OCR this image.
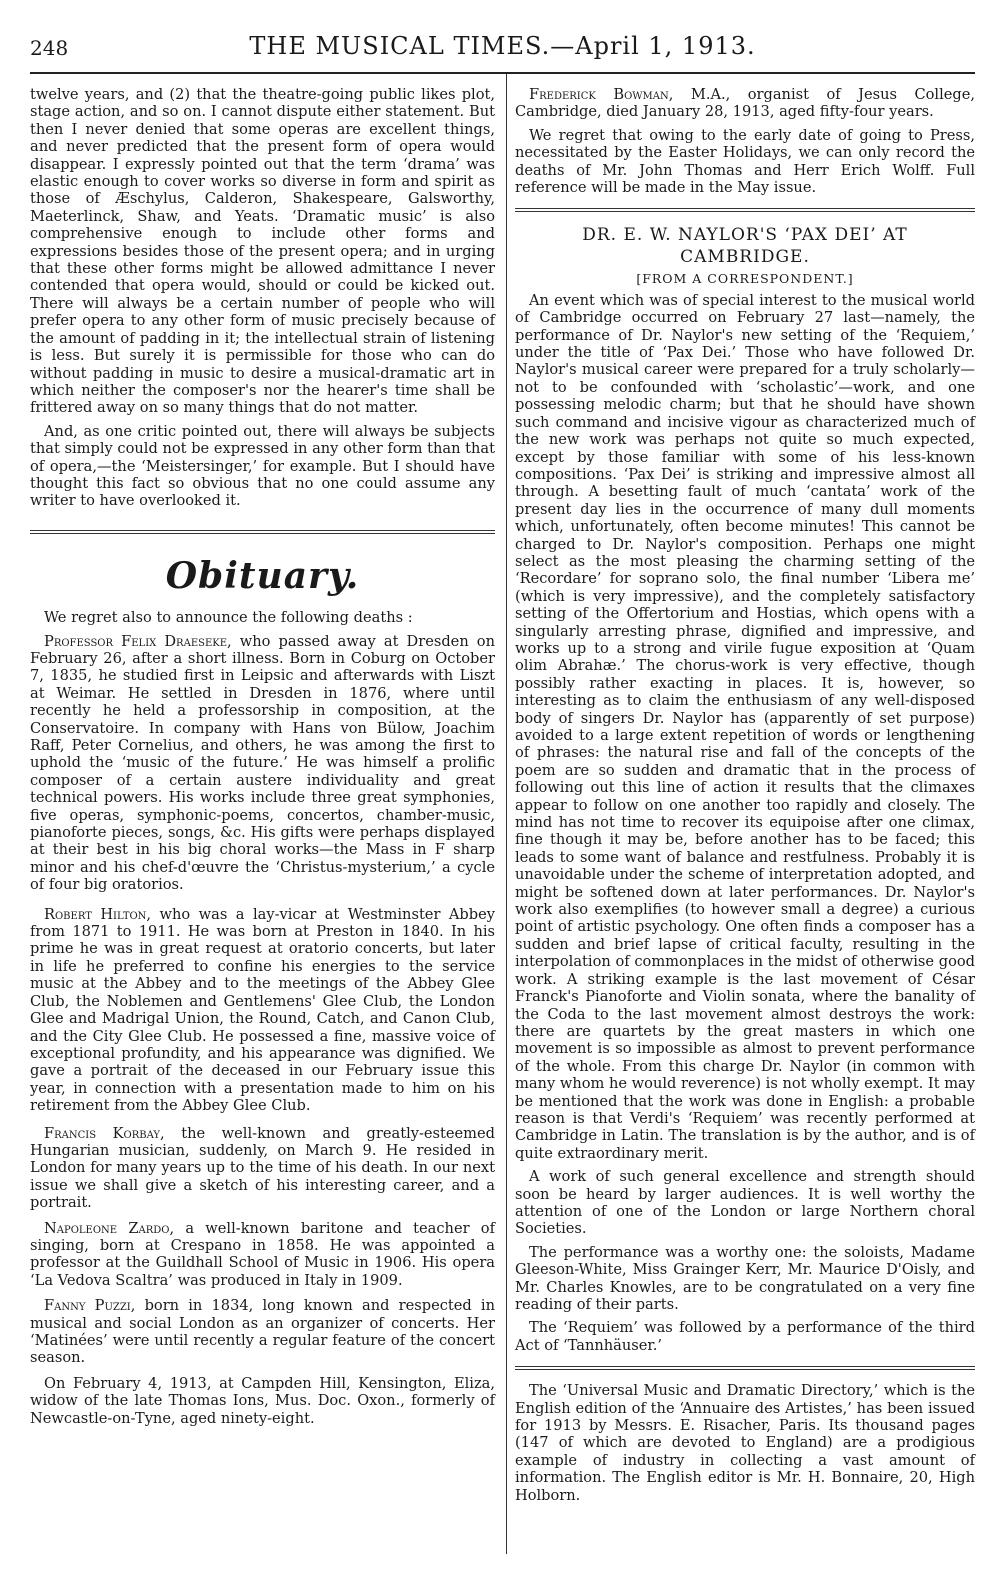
248	THE MUSICAL TIMES.—April 1, 1913.

twelve years, and (2) that the theatre-going public likes plot, stage action, and so on. I cannot dispute either statement. But then I never denied that some operas are excellent things, and never predicted that the present form of opera would disappear. I expressly pointed out that the term ‘drama’ was elastic enough to cover works so diverse in form and spirit as those of Æschylus, Calderon, Shakespeare, Galsworthy, Maeterlinck, Shaw, and Yeats. ‘Dramatic music’ is also comprehensive enough to include other forms and expressions besides those of the present opera; and in urging that these other forms might be allowed admittance I never contended that opera would, should or could be kicked out. There will always be a certain number of people who will prefer opera to any other form of music precisely because of the amount of padding in it; the intellectual strain of listening is less. But surely it is permissible for those who can do without padding in music to desire a musical-dramatic art in which neither the composer's nor the hearer's time shall be frittered away on so many things that do not matter.

And, as one critic pointed out, there will always be subjects that simply could not be expressed in any other form than that of opera,—the ‘Meistersinger,’ for example. But I should have thought this fact so obvious that no one could assume any writer to have overlooked it.

Obituary.

We regret also to announce the following deaths :

Professor Felix Draeseke, who passed away at Dresden on February 26, after a short illness. Born in Coburg on October 7, 1835, he studied first in Leipsic and afterwards with Liszt at Weimar. He settled in Dresden in 1876, where until recently he held a professorship in composition, at the Conservatoire. In company with Hans von Bülow, Joachim Raff, Peter Cornelius, and others, he was among the first to uphold the ‘music of the future.’ He was himself a prolific composer of a certain austere individuality and great technical powers. His works include three great symphonies, five operas, symphonic-poems, concertos, chamber-music, pianoforte pieces, songs, &c. His gifts were perhaps displayed at their best in his big choral works—the Mass in F sharp minor and his chef-d'œuvre the ‘Christus-mysterium,’ a cycle of four big oratorios.

Robert Hilton, who was a lay-vicar at Westminster Abbey from 1871 to 1911. He was born at Preston in 1840. In his prime he was in great request at oratorio concerts, but later in life he preferred to confine his energies to the service music at the Abbey and to the meetings of the Abbey Glee Club, the Noblemen and Gentlemens' Glee Club, the London Glee and Madrigal Union, the Round, Catch, and Canon Club, and the City Glee Club. He possessed a fine, massive voice of exceptional profundity, and his appearance was dignified. We gave a portrait of the deceased in our February issue this year, in connection with a presentation made to him on his retirement from the Abbey Glee Club.

Francis Korbay, the well-known and greatly-esteemed Hungarian musician, suddenly, on March 9. He resided in London for many years up to the time of his death. In our next issue we shall give a sketch of his interesting career, and a portrait.

Napoleone Zardo, a well-known baritone and teacher of singing, born at Crespano in 1858. He was appointed a professor at the Guildhall School of Music in 1906. His opera ‘La Vedova Scaltra’ was produced in Italy in 1909.

Fanny Puzzi, born in 1834, long known and respected in musical and social London as an organizer of concerts. Her ‘Matinées’ were until recently a regular feature of the concert season.

On February 4, 1913, at Campden Hill, Kensington, Eliza, widow of the late Thomas Ions, Mus. Doc. Oxon., formerly of Newcastle-on-Tyne, aged ninety-eight.

Frederick Bowman, M.A., organist of Jesus College, Cambridge, died January 28, 1913, aged fifty-four years.

We regret that owing to the early date of going to Press, necessitated by the Easter Holidays, we can only record the deaths of Mr. John Thomas and Herr Erich Wolff. Full reference will be made in the May issue.

DR. E. W. NAYLOR'S ‘PAX DEI’ AT CAMBRIDGE.
[FROM A CORRESPONDENT.]

An event which was of special interest to the musical world of Cambridge occurred on February 27 last—namely, the performance of Dr. Naylor's new setting of the ‘Requiem,’ under the title of ‘Pax Dei.’ Those who have followed Dr. Naylor's musical career were prepared for a truly scholarly—not to be confounded with ‘scholastic’—work, and one possessing melodic charm; but that he should have shown such command and incisive vigour as characterized much of the new work was perhaps not quite so much expected, except by those familiar with some of his less-known compositions. ‘Pax Dei’ is striking and impressive almost all through. A besetting fault of much ‘cantata’ work of the present day lies in the occurrence of many dull moments which, unfortunately, often become minutes! This cannot be charged to Dr. Naylor's composition. Perhaps one might select as the most pleasing the charming setting of the ‘Recordare’ for soprano solo, the final number ‘Libera me’ (which is very impressive), and the completely satisfactory setting of the Offertorium and Hostias, which opens with a singularly arresting phrase, dignified and impressive, and works up to a strong and virile fugue exposition at ‘Quam olim Abrahæ.’ The chorus-work is very effective, though possibly rather exacting in places. It is, however, so interesting as to claim the enthusiasm of any well-disposed body of singers Dr. Naylor has (apparently of set purpose) avoided to a large extent repetition of words or lengthening of phrases: the natural rise and fall of the concepts of the poem are so sudden and dramatic that in the process of following out this line of action it results that the climaxes appear to follow on one another too rapidly and closely. The mind has not time to recover its equipoise after one climax, fine though it may be, before another has to be faced; this leads to some want of balance and restfulness. Probably it is unavoidable under the scheme of interpretation adopted, and might be softened down at later performances. Dr. Naylor's work also exemplifies (to however small a degree) a curious point of artistic psychology. One often finds a composer has a sudden and brief lapse of critical faculty, resulting in the interpolation of commonplaces in the midst of otherwise good work. A striking example is the last movement of César Franck's Pianoforte and Violin sonata, where the banality of the Coda to the last movement almost destroys the work: there are quartets by the great masters in which one movement is so impossible as almost to prevent performance of the whole. From this charge Dr. Naylor (in common with many whom he would reverence) is not wholly exempt. It may be mentioned that the work was done in English: a probable reason is that Verdi's ‘Requiem’ was recently performed at Cambridge in Latin. The translation is by the author, and is of quite extraordinary merit.

A work of such general excellence and strength should soon be heard by larger audiences. It is well worthy the attention of one of the London or large Northern choral Societies.

The performance was a worthy one: the soloists, Madame Gleeson-White, Miss Grainger Kerr, Mr. Maurice D'Oisly, and Mr. Charles Knowles, are to be congratulated on a very fine reading of their parts.

The ‘Requiem’ was followed by a performance of the third Act of ‘Tannhäuser.’

The ‘Universal Music and Dramatic Directory,’ which is the English edition of the ‘Annuaire des Artistes,’ has been issued for 1913 by Messrs. E. Risacher, Paris. Its thousand pages (147 of which are devoted to England) are a prodigious example of industry in collecting a vast amount of information. The English editor is Mr. H. Bonnaire, 20, High Holborn.
